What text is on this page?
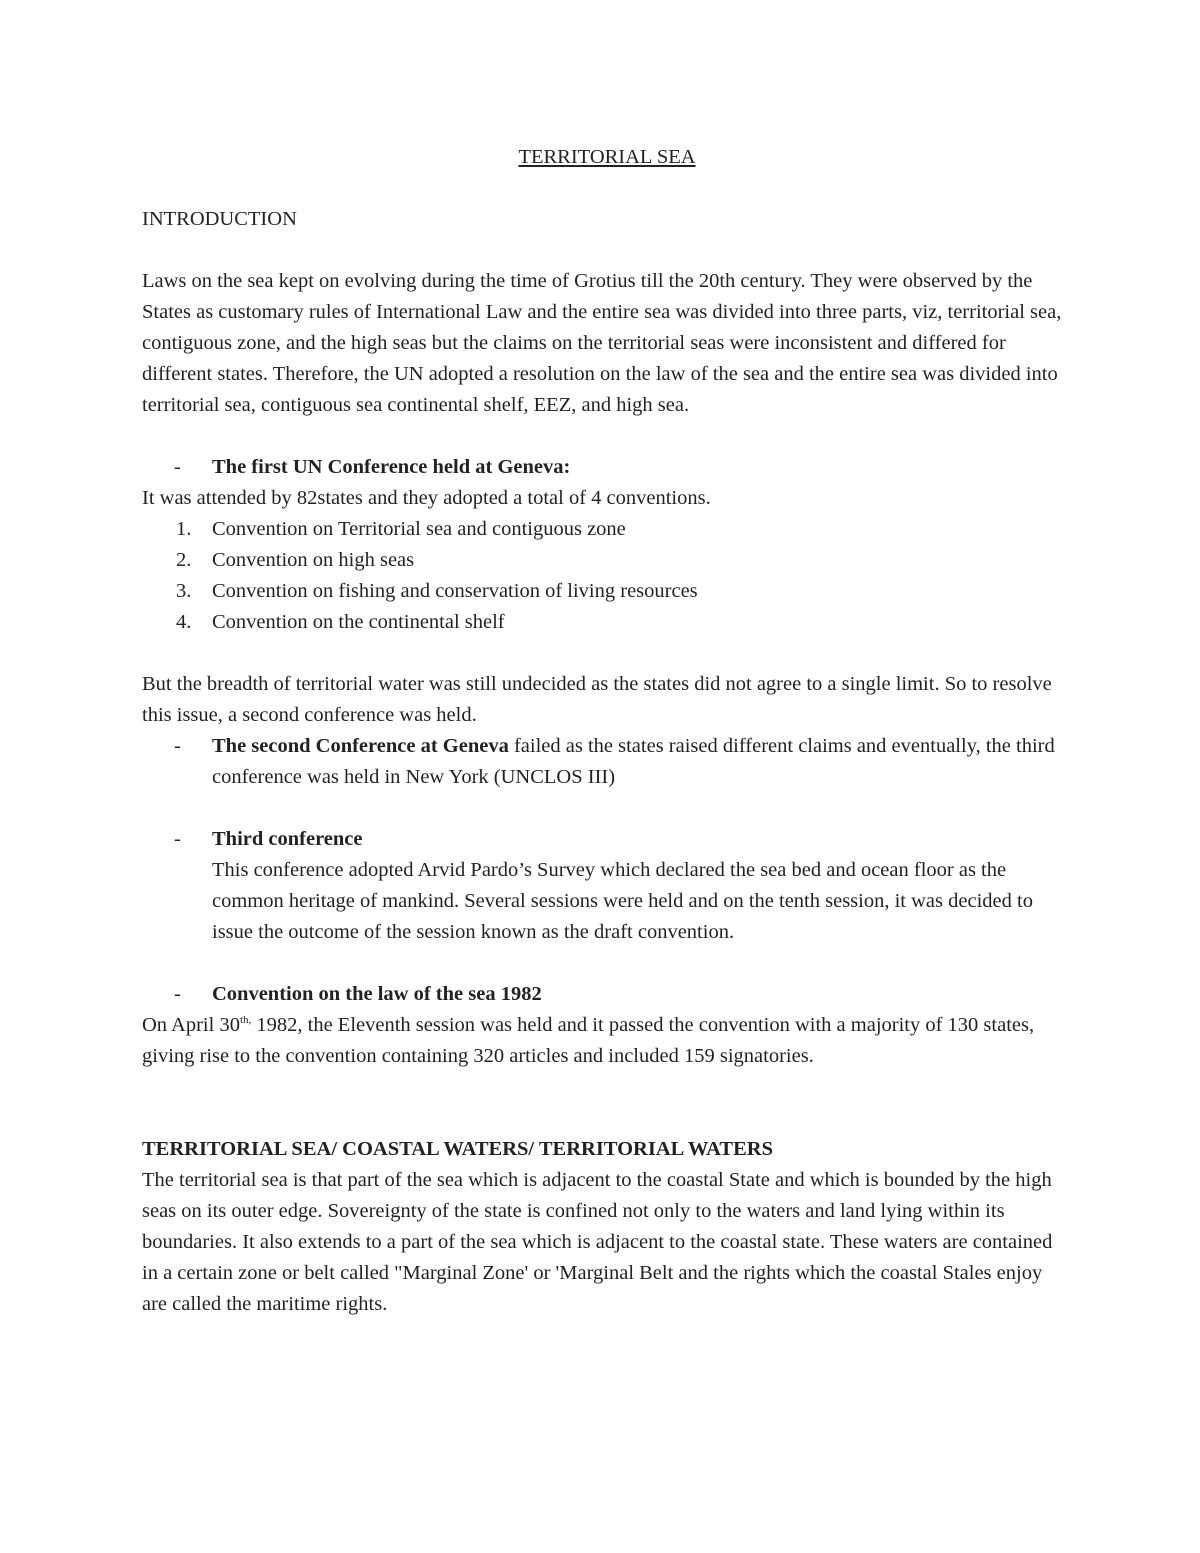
TERRITORIAL SEA
INTRODUCTION

Laws on the sea kept on evolving during the time of Grotius till the 20th century. They were observed by the States as customary rules of International Law and the entire sea was divided into three parts, viz, territorial sea, contiguous zone, and the high seas but the claims on the territorial seas were inconsistent and differed for different states. Therefore, the UN adopted a resolution on the law of the sea and the entire sea was divided into territorial sea, contiguous sea continental shelf, EEZ, and high sea.

- The first UN Conference held at Geneva:

It was attended by 82states and they adopted a total of 4 conventions.

1. Convention on Territorial sea and contiguous zone
2. Convention on high seas
3. Convention on fishing and conservation of living resources
4. Convention on the continental shelf

But the breadth of territorial water was still undecided as the states did not agree to a single limit. So to resolve this issue, a second conference was held.

- The second Conference at Geneva failed as the states raised different claims and eventually, the third conference was held in New York (UNCLOS III)
- Third conference
This conference adopted Arvid Pardo’s Survey which declared the sea bed and ocean floor as the common heritage of mankind. Several sessions were held and on the tenth session, it was decided to issue the outcome of the session known as the draft convention.
- Convention on the law of the sea 1982

On April $30^{th,}$ 1982, the Eleventh session was held and it passed the convention with a majority of 130 states, giving rise to the convention containing 320 articles and included 159 signatories.

TERRITORIAL SEA/ COASTAL WATERS/ TERRITORIAL WATERS

The territorial sea is that part of the sea which is adjacent to the coastal State and which is bounded by the high seas on its outer edge. Sovereignty of the state is confined not only to the waters and land lying within its boundaries. It also extends to a part of the sea which is adjacent to the coastal state. These waters are contained in a certain zone or belt called "Marginal Zone' or 'Marginal Belt and the rights which the coastal Stales enjoy are called the maritime rights.
